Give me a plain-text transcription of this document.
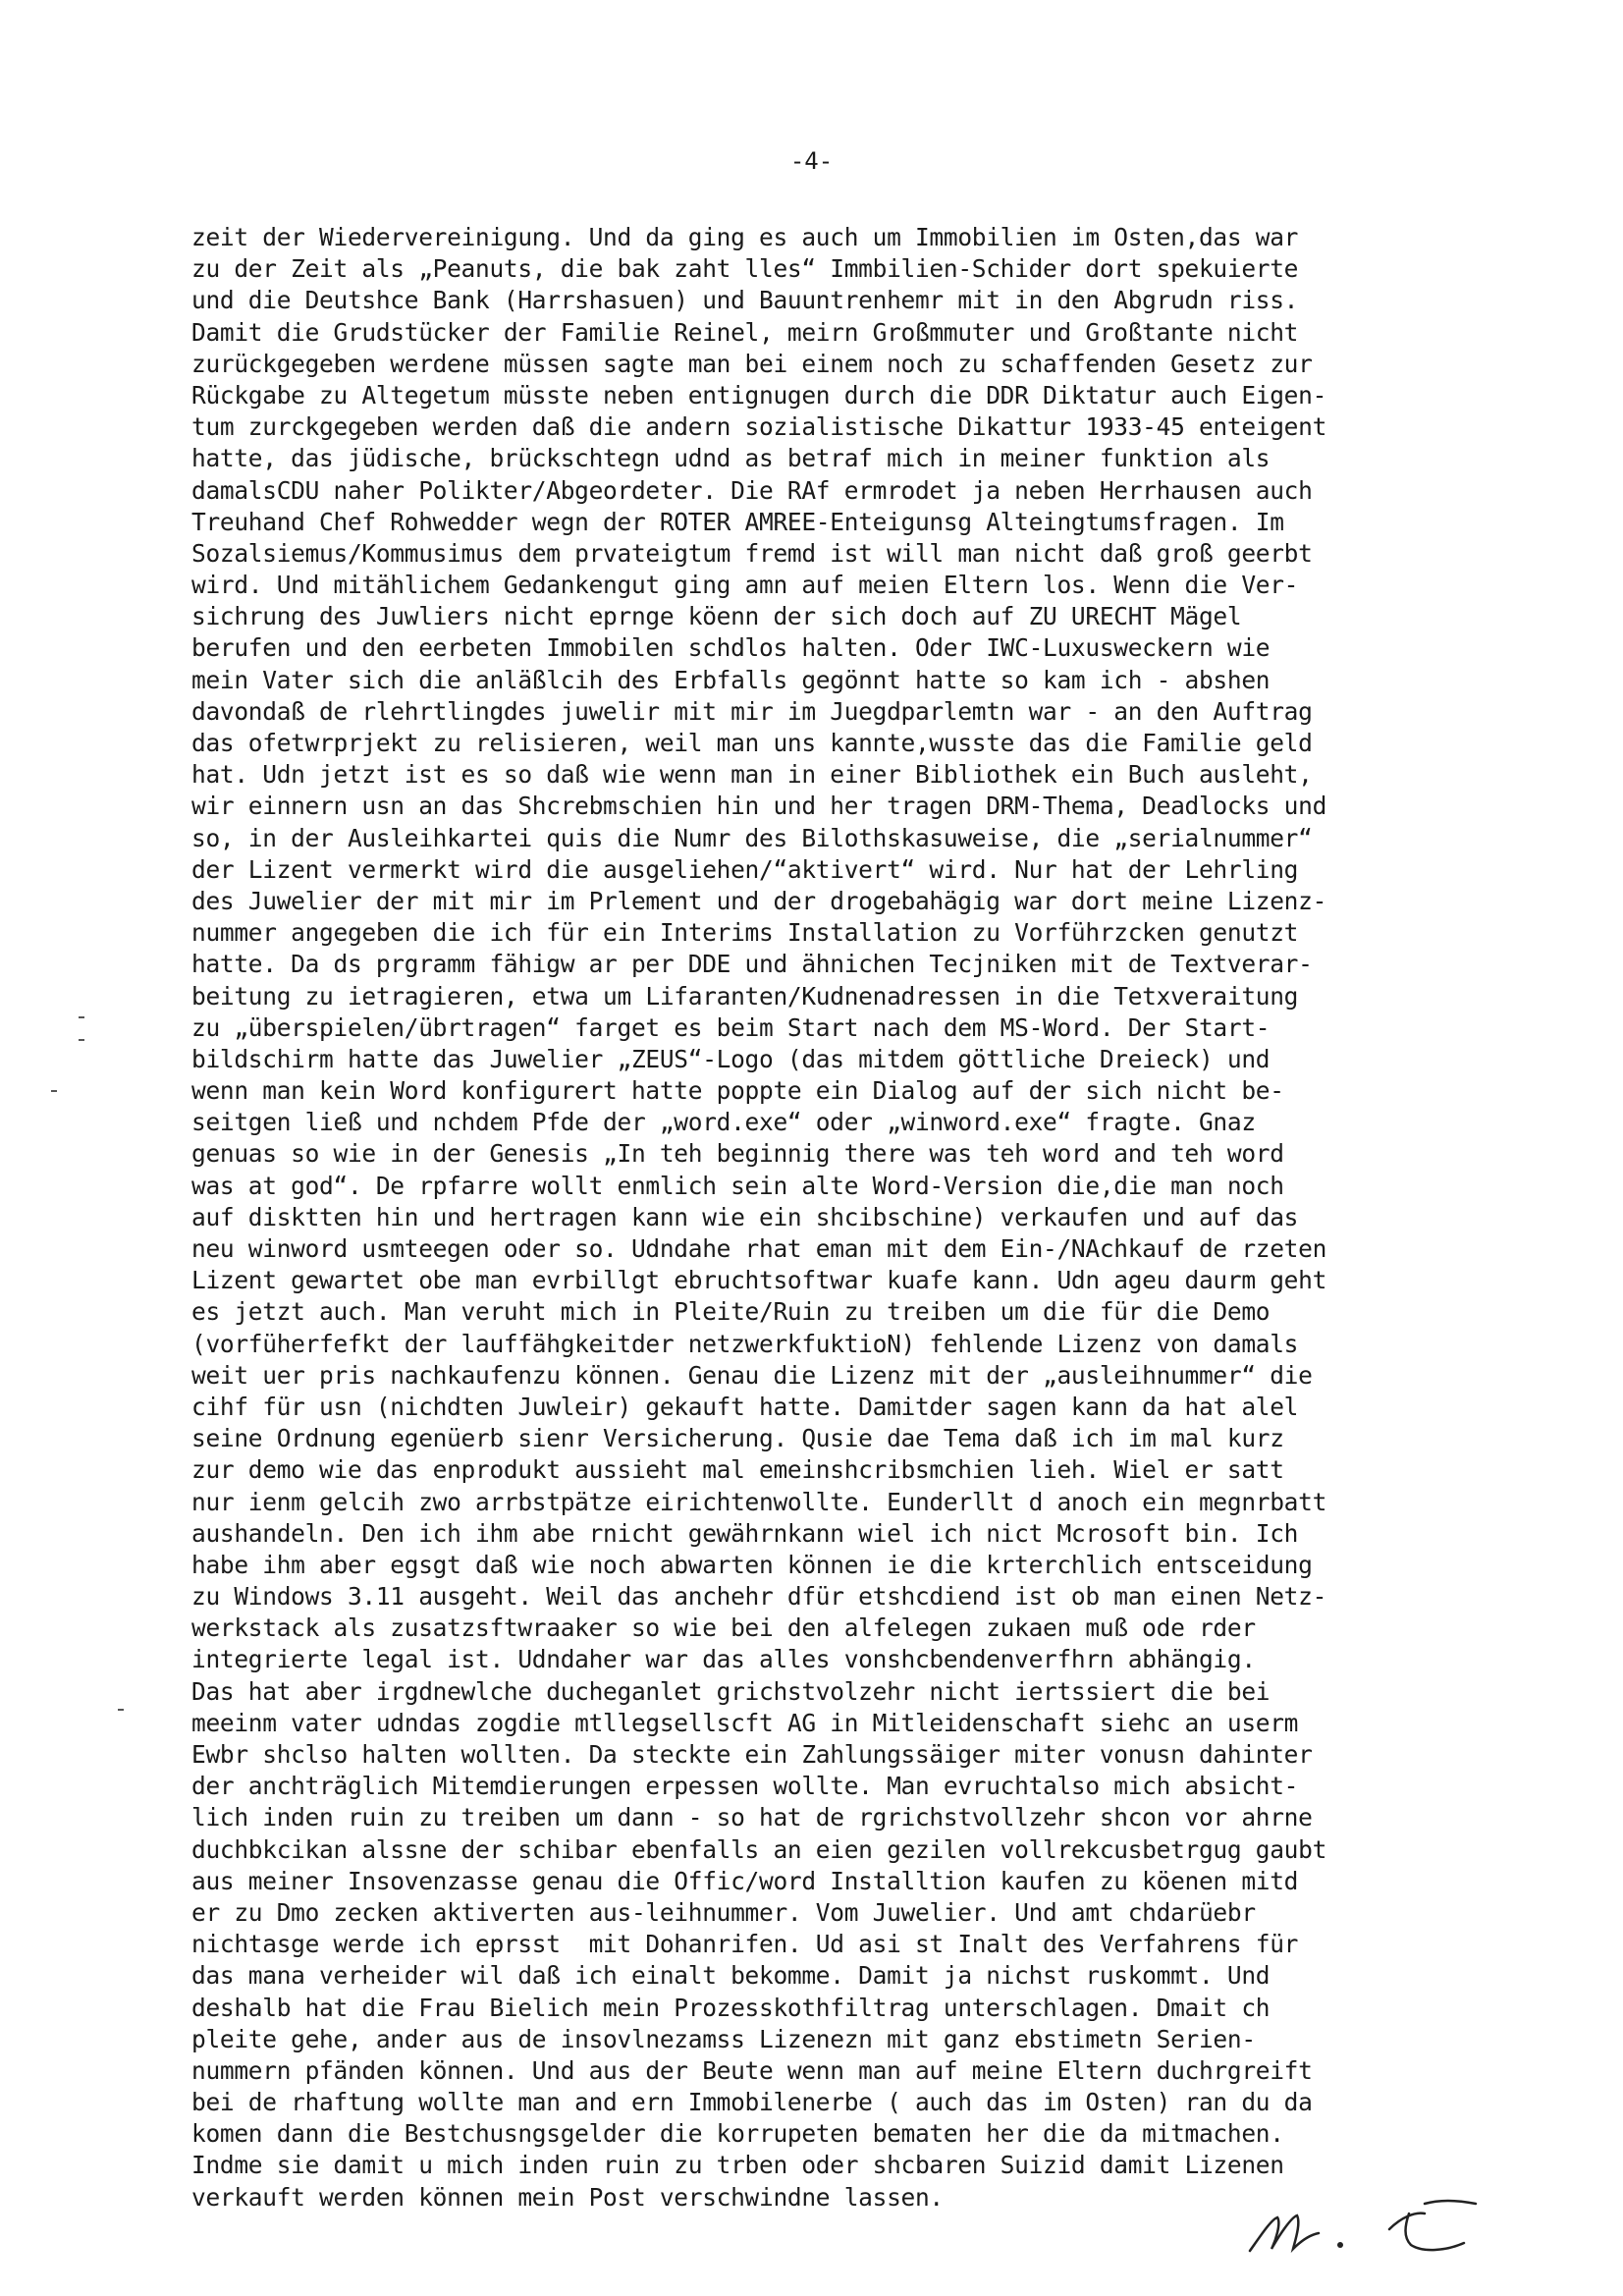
-4-
zeit der Wiedervereinigung. Und da ging es auch um Immobilien im Osten,das war
zu der Zeit als „Peanuts, die bak zaht lles“ Immbilien-Schider dort spekuierte
und die Deutshce Bank (Harrshasuen) und Bauuntrenhemr mit in den Abgrudn riss.
Damit die Grudstücker der Familie Reinel, meirn Großmmuter und Großtante nicht
zurückgegeben werdene müssen sagte man bei einem noch zu schaffenden Gesetz zur
Rückgabe zu Altegetum müsste neben entignugen durch die DDR Diktatur auch Eigen-
tum zurckgegeben werden daß die andern sozialistische Dikattur 1933-45 enteigent
hatte, das jüdische, brückschtegn udnd as betraf mich in meiner funktion als
damalsCDU naher Polikter/Abgeordeter. Die RAf ermrodet ja neben Herrhausen auch
Treuhand Chef Rohwedder wegn der ROTER AMREE-Enteigunsg Alteingtumsfragen. Im
Sozalsiemus/Kommusimus dem prvateigtum fremd ist will man nicht daß groß geerbt
wird. Und mitählichem Gedankengut ging amn auf meien Eltern los. Wenn die Ver-
sichrung des Juwliers nicht eprnge köenn der sich doch auf ZU URECHT Mägel
berufen und den eerbeten Immobilen schdlos halten. Oder IWC-Luxusweckern wie
mein Vater sich die anläßlcih des Erbfalls gegönnt hatte so kam ich - abshen
davondaß de rlehrtlingdes juwelir mit mir im Juegdparlemtn war - an den Auftrag
das ofetwrprjekt zu relisieren, weil man uns kannte,wusste das die Familie geld
hat. Udn jetzt ist es so daß wie wenn man in einer Bibliothek ein Buch ausleht,
wir einnern usn an das Shcrebmschien hin und her tragen DRM-Thema, Deadlocks und
so, in der Ausleihkartei quis die Numr des Bilothskasuweise, die „serialnummer“
der Lizent vermerkt wird die ausgeliehen/“aktivert“ wird. Nur hat der Lehrling
des Juwelier der mit mir im Prlement und der drogebahägig war dort meine Lizenz-
nummer angegeben die ich für ein Interims Installation zu Vorführzcken genutzt
hatte. Da ds prgramm fähigw ar per DDE und ähnichen Tecjniken mit de Textverar-
beitung zu ietragieren, etwa um Lifaranten/Kudnenadressen in die Tetxveraitung
zu „überspielen/übrtragen“ farget es beim Start nach dem MS-Word. Der Start-
bildschirm hatte das Juwelier „ZEUS“-Logo (das mitdem göttliche Dreieck) und
wenn man kein Word konfigurert hatte poppte ein Dialog auf der sich nicht be-
seitgen ließ und nchdem Pfde der „word.exe“ oder „winword.exe“ fragte. Gnaz
genuas so wie in der Genesis „In teh beginnig there was teh word and teh word
was at god“. De rpfarre wollt enmlich sein alte Word-Version die,die man noch
auf disktten hin und hertragen kann wie ein shcibschine) verkaufen und auf das
neu winword usmteegen oder so. Udndahe rhat eman mit dem Ein-/NAchkauf de rzeten
Lizent gewartet obe man evrbillgt ebruchtsoftwar kuafe kann. Udn ageu daurm geht
es jetzt auch. Man veruht mich in Pleite/Ruin zu treiben um die für die Demo
(vorfüherfefkt der lauffähgkeitder netzwerkfuktioN) fehlende Lizenz von damals
weit uer pris nachkaufenzu können. Genau die Lizenz mit der „ausleihnummer“ die
cihf für usn (nichdten Juwleir) gekauft hatte. Damitder sagen kann da hat alel
seine Ordnung egenüerb sienr Versicherung. Qusie dae Tema daß ich im mal kurz
zur demo wie das enprodukt aussieht mal emeinshcribsmchien lieh. Wiel er satt
nur ienm gelcih zwo arrbstpätze eirichtenwollte. Eunderllt d anoch ein megnrbatt
aushandeln. Den ich ihm abe rnicht gewährnkann wiel ich nict Mcrosoft bin. Ich
habe ihm aber egsgt daß wie noch abwarten können ie die krterchlich entsceidung
zu Windows 3.11 ausgeht. Weil das anchehr dfür etshcdiend ist ob man einen Netz-
werkstack als zusatzsftwraaker so wie bei den alfelegen zukaen muß ode rder
integrierte legal ist. Udndaher war das alles vonshcbendenverfhrn abhängig.
Das hat aber irgdnewlche ducheganlet grichstvolzehr nicht iertssiert die bei
meeinm vater udndas zogdie mtllegsellscft AG in Mitleidenschaft siehc an userm
Ewbr shclso halten wollten. Da steckte ein Zahlungssäiger miter vonusn dahinter
der anchträglich Mitemdierungen erpessen wollte. Man evruchtalso mich absicht-
lich inden ruin zu treiben um dann - so hat de rgrichstvollzehr shcon vor ahrne
duchbkcikan alssne der schibar ebenfalls an eien gezilen vollrekcusbetrgug gaubt
aus meiner Insovenzasse genau die Offic/word Installtion kaufen zu köenen mitd
er zu Dmo zecken aktiverten aus-leihnummer. Vom Juwelier. Und amt chdarüebr
nichtasge werde ich eprsst  mit Dohanrifen. Ud asi st Inalt des Verfahrens für
das mana verheider wil daß ich einalt bekomme. Damit ja nichst ruskommt. Und
deshalb hat die Frau Bielich mein Prozesskothfiltrag unterschlagen. Dmait ch
pleite gehe, ander aus de insovlnezamss Lizenezn mit ganz ebstimetn Serien-
nummern pfänden können. Und aus der Beute wenn man auf meine Eltern duchrgreift
bei de rhaftung wollte man and ern Immobilenerbe ( auch das im Osten) ran du da
komen dann die Bestchusngsgelder die korrupeten bematen her die da mitmachen.
Indme sie damit u mich inden ruin zu trben oder shcbaren Suizid damit Lizenen
verkauft werden können mein Post verschwindne lassen.
